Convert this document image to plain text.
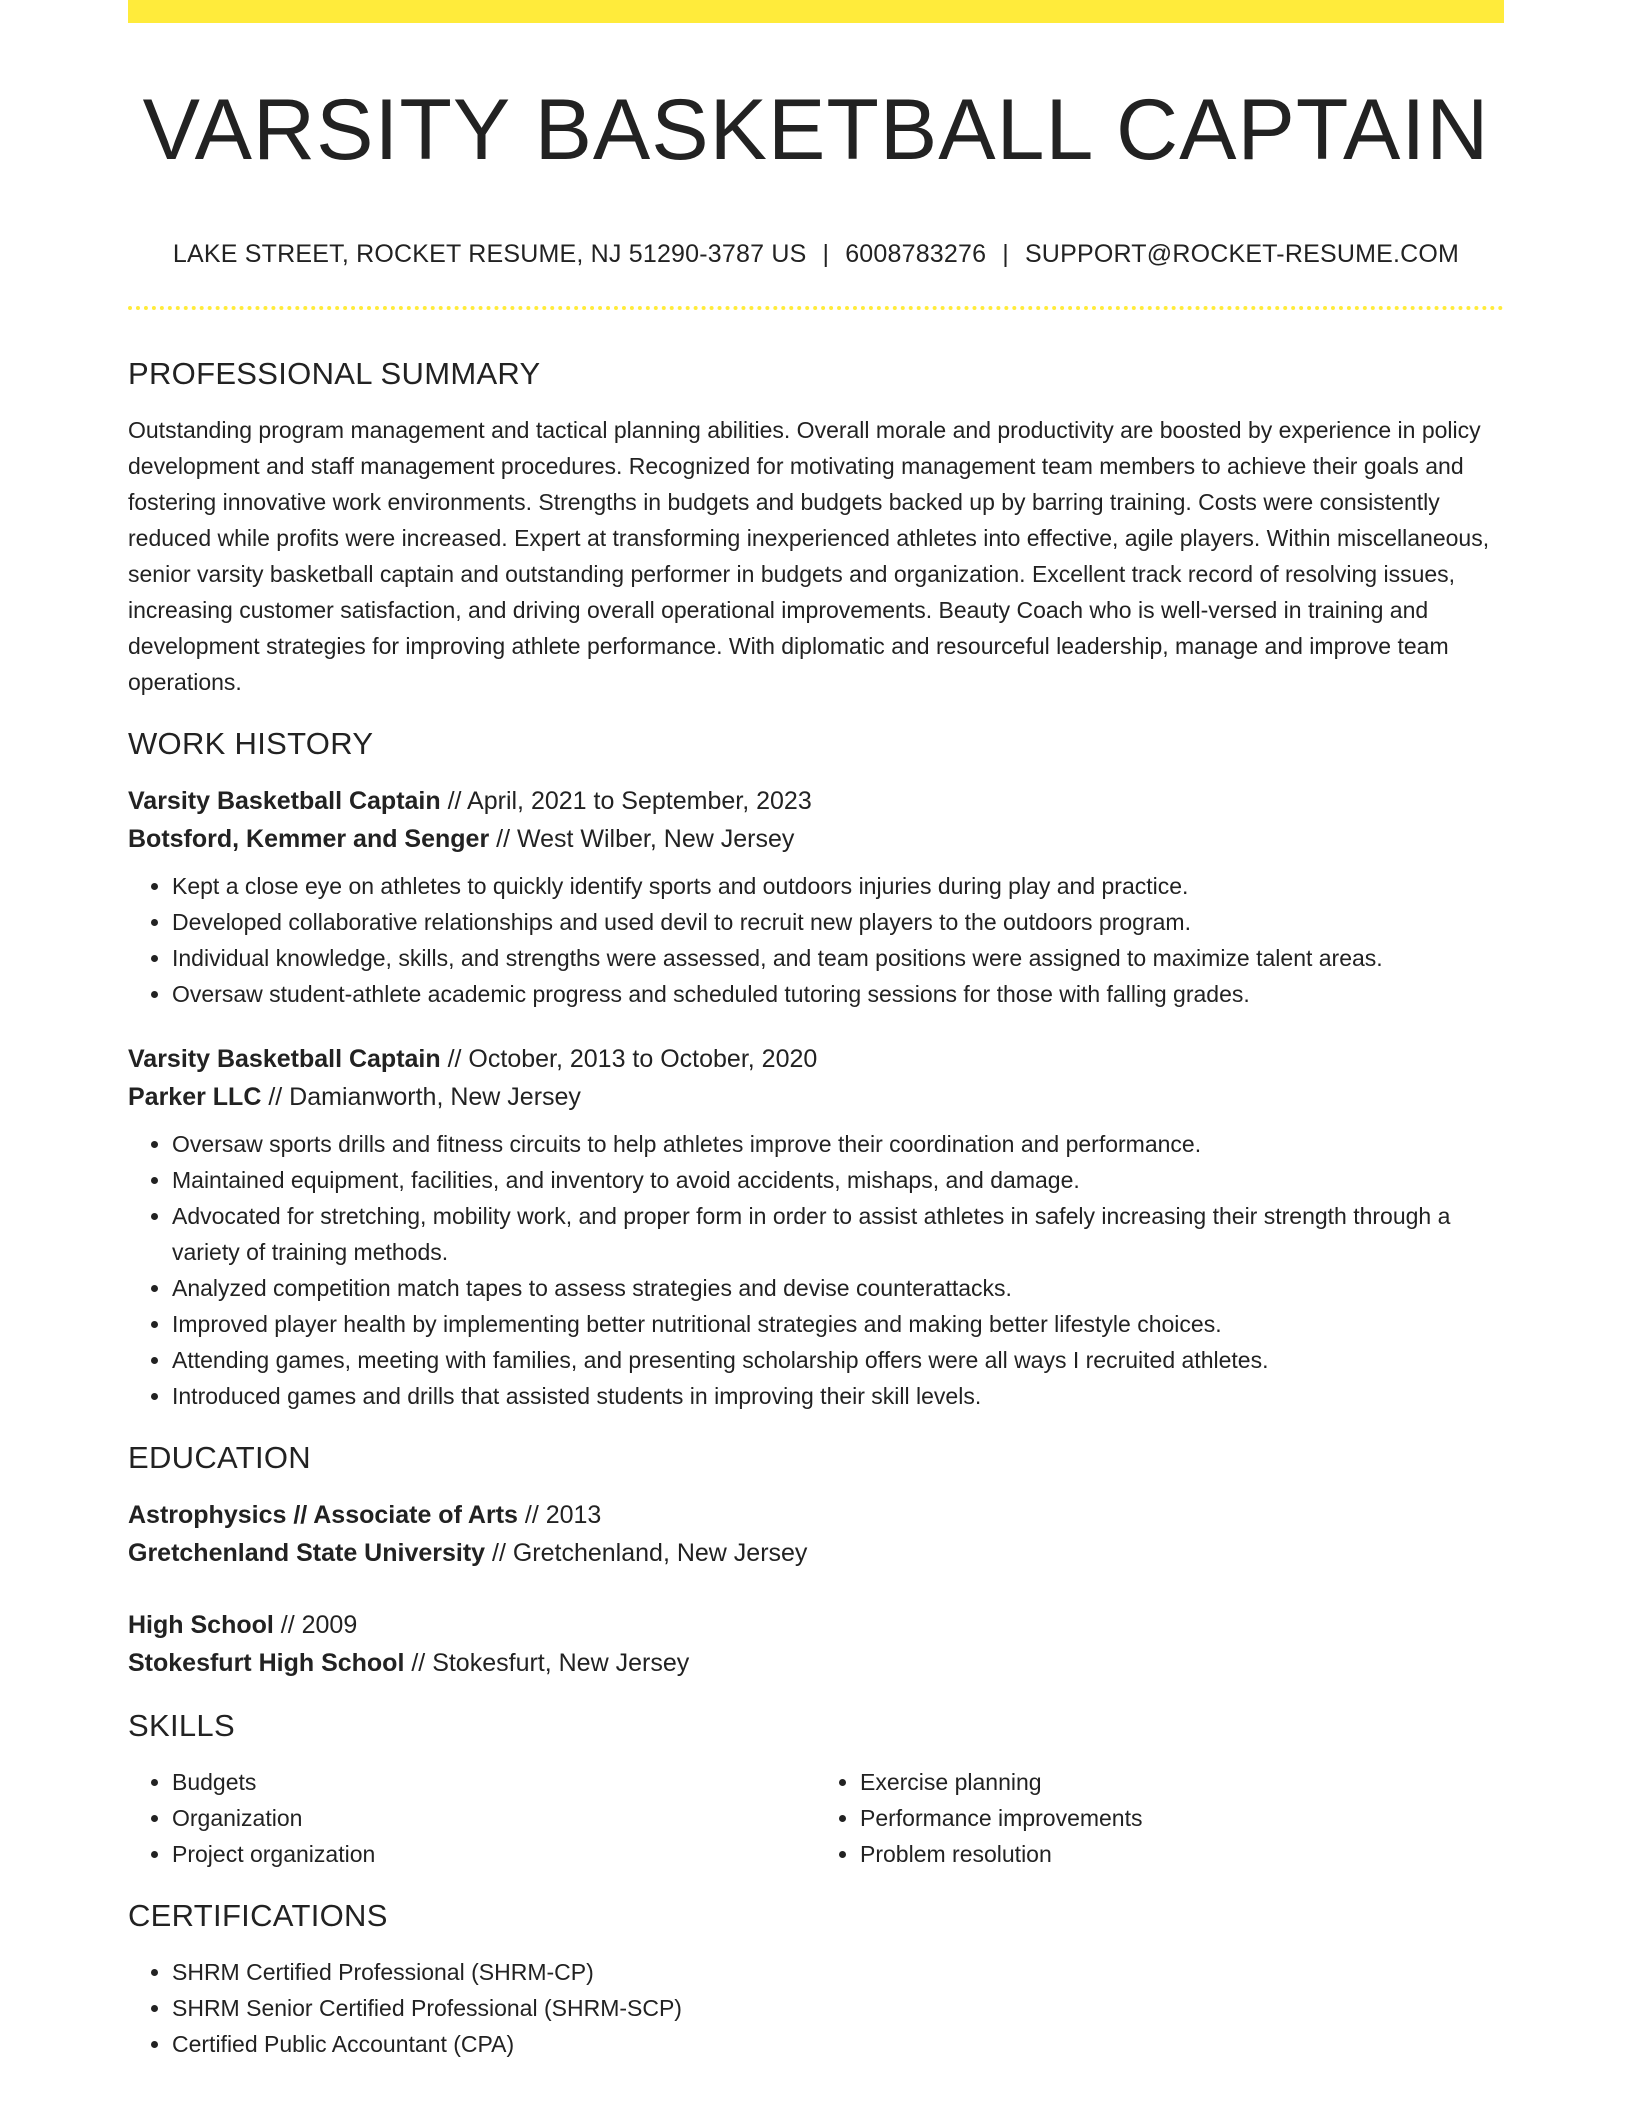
VARSITY BASKETBALL CAPTAIN
LAKE STREET, ROCKET RESUME, NJ 51290-3787 US | 6008783276 | SUPPORT@ROCKET-RESUME.COM
PROFESSIONAL SUMMARY

Outstanding program management and tactical planning abilities. Overall morale and productivity are boosted by experience in policy development and staff management procedures. Recognized for motivating management team members to achieve their goals and fostering innovative work environments. Strengths in budgets and budgets backed up by barring training. Costs were consistently reduced while profits were increased. Expert at transforming inexperienced athletes into effective, agile players. Within miscellaneous, senior varsity basketball captain and outstanding performer in budgets and organization. Excellent track record of resolving issues, increasing customer satisfaction, and driving overall operational improvements. Beauty Coach who is well-versed in training and development strategies for improving athlete performance. With diplomatic and resourceful leadership, manage and improve team operations.

WORK HISTORY
Varsity Basketball Captain // April, 2021 to September, 2023
Botsford, Kemmer and Senger // West Wilber, New Jersey
• Kept a close eye on athletes to quickly identify sports and outdoors injuries during play and practice.
• Developed collaborative relationships and used devil to recruit new players to the outdoors program.
• Individual knowledge, skills, and strengths were assessed, and team positions were assigned to maximize talent areas.
• Oversaw student-athlete academic progress and scheduled tutoring sessions for those with falling grades.
Varsity Basketball Captain // October, 2013 to October, 2020
Parker LLC // Damianworth, New Jersey
• Oversaw sports drills and fitness circuits to help athletes improve their coordination and performance.
• Maintained equipment, facilities, and inventory to avoid accidents, mishaps, and damage.
• Advocated for stretching, mobility work, and proper form in order to assist athletes in safely increasing their strength through a variety of training methods.
• Analyzed competition match tapes to assess strategies and devise counterattacks.
• Improved player health by implementing better nutritional strategies and making better lifestyle choices.
• Attending games, meeting with families, and presenting scholarship offers were all ways I recruited athletes.
• Introduced games and drills that assisted students in improving their skill levels.
EDUCATION
Astrophysics // Associate of Arts // 2013
Gretchenland State University // Gretchenland, New Jersey
High School // 2009
Stokesfurt High School // Stokesfurt, New Jersey
SKILLS
• Budgets
• Organization
• Project organization
• Exercise planning
• Performance improvements
• Problem resolution
CERTIFICATIONS
• SHRM Certified Professional (SHRM-CP)
• SHRM Senior Certified Professional (SHRM-SCP)
• Certified Public Accountant (CPA)
